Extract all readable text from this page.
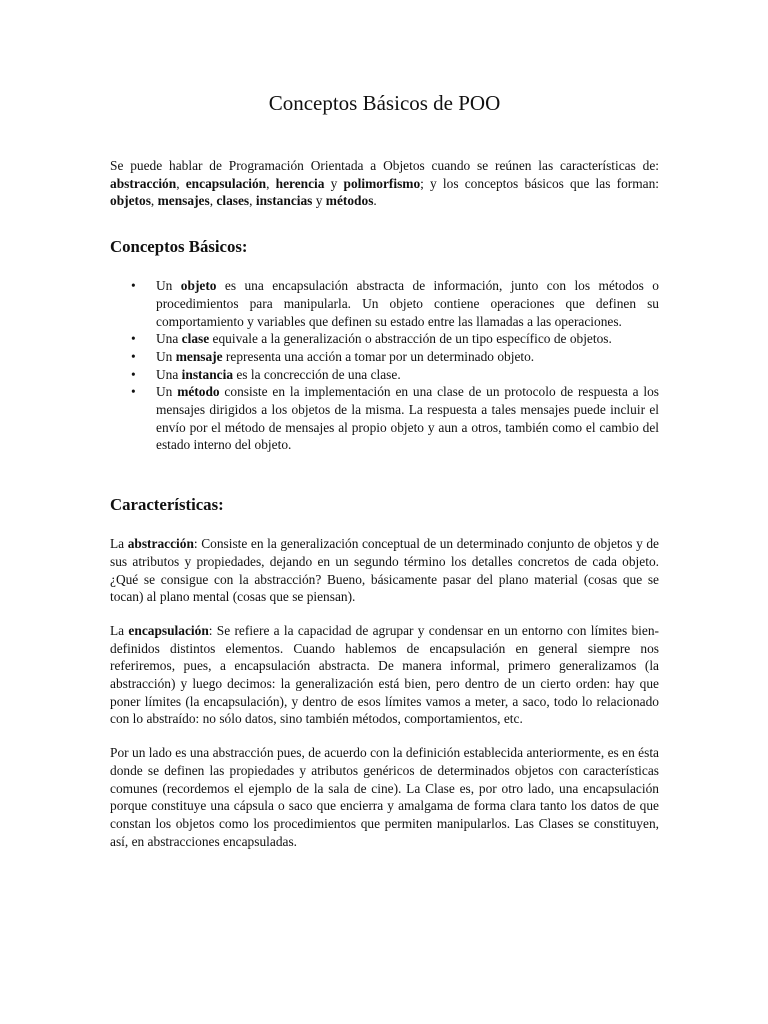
Conceptos Básicos de POO

Se puede hablar de Programación Orientada a Objetos cuando se reúnen las características de: abstracción, encapsulación, herencia y polimorfismo; y los conceptos básicos que las forman: objetos, mensajes, clases, instancias y métodos.

Conceptos Básicos:
• Un objeto es una encapsulación abstracta de información, junto con los métodos o procedimientos para manipularla. Un objeto contiene operaciones que definen su comportamiento y variables que definen su estado entre las llamadas a las operaciones.
• Una clase equivale a la generalización o abstracción de un tipo específico de objetos.
• Un mensaje representa una acción a tomar por un determinado objeto.
• Una instancia es la concrección de una clase.
• Un método consiste en la implementación en una clase de un protocolo de respuesta a los mensajes dirigidos a los objetos de la misma. La respuesta a tales mensajes puede incluir el envío por el método de mensajes al propio objeto y aun a otros, también como el cambio del estado interno del objeto.
Características:

La abstracción: Consiste en la generalización conceptual de un determinado conjunto de objetos y de sus atributos y propiedades, dejando en un segundo término los detalles concretos de cada objeto. ¿Qué se consigue con la abstracción? Bueno, básicamente pasar del plano material (cosas que se tocan) al plano mental (cosas que se piensan).

La encapsulación: Se refiere a la capacidad de agrupar y condensar en un entorno con límites bien-definidos distintos elementos. Cuando hablemos de encapsulación en general siempre nos referiremos, pues, a encapsulación abstracta. De manera informal, primero generalizamos (la abstracción) y luego decimos: la generalización está bien, pero dentro de un cierto orden: hay que poner límites (la encapsulación), y dentro de esos límites vamos a meter, a saco, todo lo relacionado con lo abstraído: no sólo datos, sino también métodos, comportamientos, etc.

Por un lado es una abstracción pues, de acuerdo con la definición establecida anteriormente, es en ésta donde se definen las propiedades y atributos genéricos de determinados objetos con características comunes (recordemos el ejemplo de la sala de cine). La Clase es, por otro lado, una encapsulación porque constituye una cápsula o saco que encierra y amalgama de forma clara tanto los datos de que constan los objetos como los procedimientos que permiten manipularlos. Las Clases se constituyen, así, en abstracciones encapsuladas.
